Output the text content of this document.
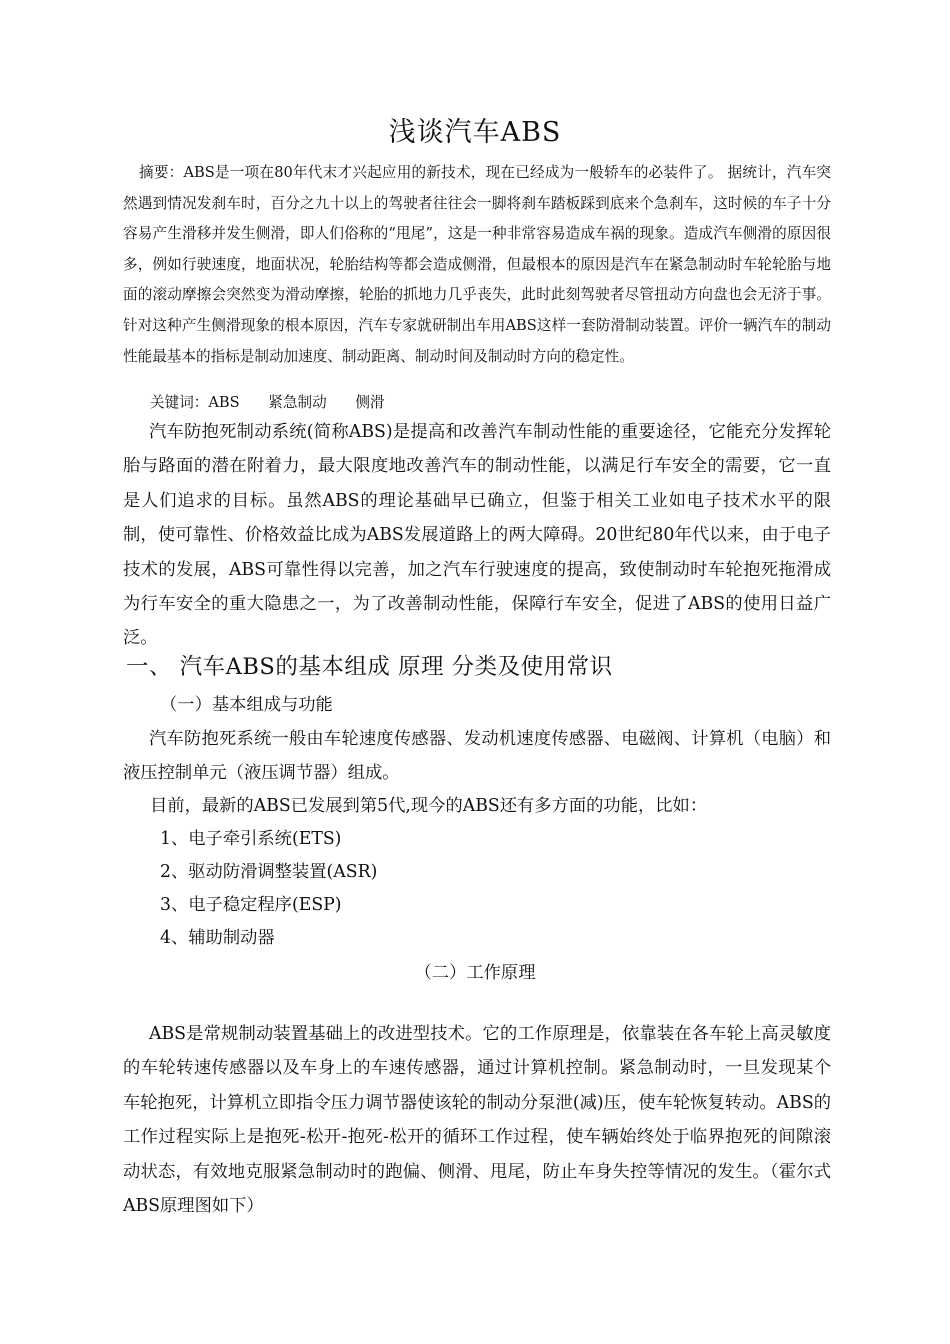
浅谈汽车ABS

摘要：ABS是一项在80年代末才兴起应用的新技术，现在已经成为一般轿车的必装件了。 据统计，汽车突然遇到情况发刹车时，百分之九十以上的驾驶者往往会一脚将刹车踏板踩到底来个急刹车，这时候的车子十分容易产生滑移并发生侧滑，即人们俗称的“甩尾”，这是一种非常容易造成车祸的现象。造成汽车侧滑的原因很多，例如行驶速度，地面状况，轮胎结构等都会造成侧滑，但最根本的原因是汽车在紧急制动时车轮轮胎与地面的滚动摩擦会突然变为滑动摩擦，轮胎的抓地力几乎丧失，此时此刻驾驶者尽管扭动方向盘也会无济于事。针对这种产生侧滑现象的根本原因，汽车专家就研制出车用ABS这样一套防滑制动装置。评价一辆汽车的制动性能最基本的指标是制动加速度、制动距离、制动时间及制动时方向的稳定性。

关键词：ABS 紧急制动 侧滑

汽车防抱死制动系统(简称ABS)是提高和改善汽车制动性能的重要途径，它能充分发挥轮胎与路面的潜在附着力，最大限度地改善汽车的制动性能，以满足行车安全的需要，它一直是人们追求的目标。虽然ABS的理论基础早已确立，但鉴于相关工业如电子技术水平的限制，使可靠性、价格效益比成为ABS发展道路上的两大障碍。20世纪80年代以来，由于电子技术的发展，ABS可靠性得以完善，加之汽车行驶速度的提高，致使制动时车轮抱死拖滑成为行车安全的重大隐患之一，为了改善制动性能，保障行车安全，促进了ABS的使用日益广泛。

一、 汽车ABS的基本组成 原理 分类及使用常识
（一）基本组成与功能

汽车防抱死系统一般由车轮速度传感器、发动机速度传感器、电磁阀、计算机（电脑）和液压控制单元（液压调节器）组成。

目前，最新的ABS已发展到第5代,现今的ABS还有多方面的功能，比如：
1、电子牵引系统(ETS)
2、驱动防滑调整装置(ASR)
3、电子稳定程序(ESP)
4、辅助制动器
（二）工作原理

ABS是常规制动装置基础上的改进型技术。它的工作原理是，依靠装在各车轮上高灵敏度的车轮转速传感器以及车身上的车速传感器，通过计算机控制。紧急制动时，一旦发现某个车轮抱死，计算机立即指令压力调节器使该轮的制动分泵泄(减)压，使车轮恢复转动。ABS的工作过程实际上是抱死-松开-抱死-松开的循环工作过程，使车辆始终处于临界抱死的间隙滚动状态，有效地克服紧急制动时的跑偏、侧滑、甩尾，防止车身失控等情况的发生。（霍尔式ABS原理图如下）
